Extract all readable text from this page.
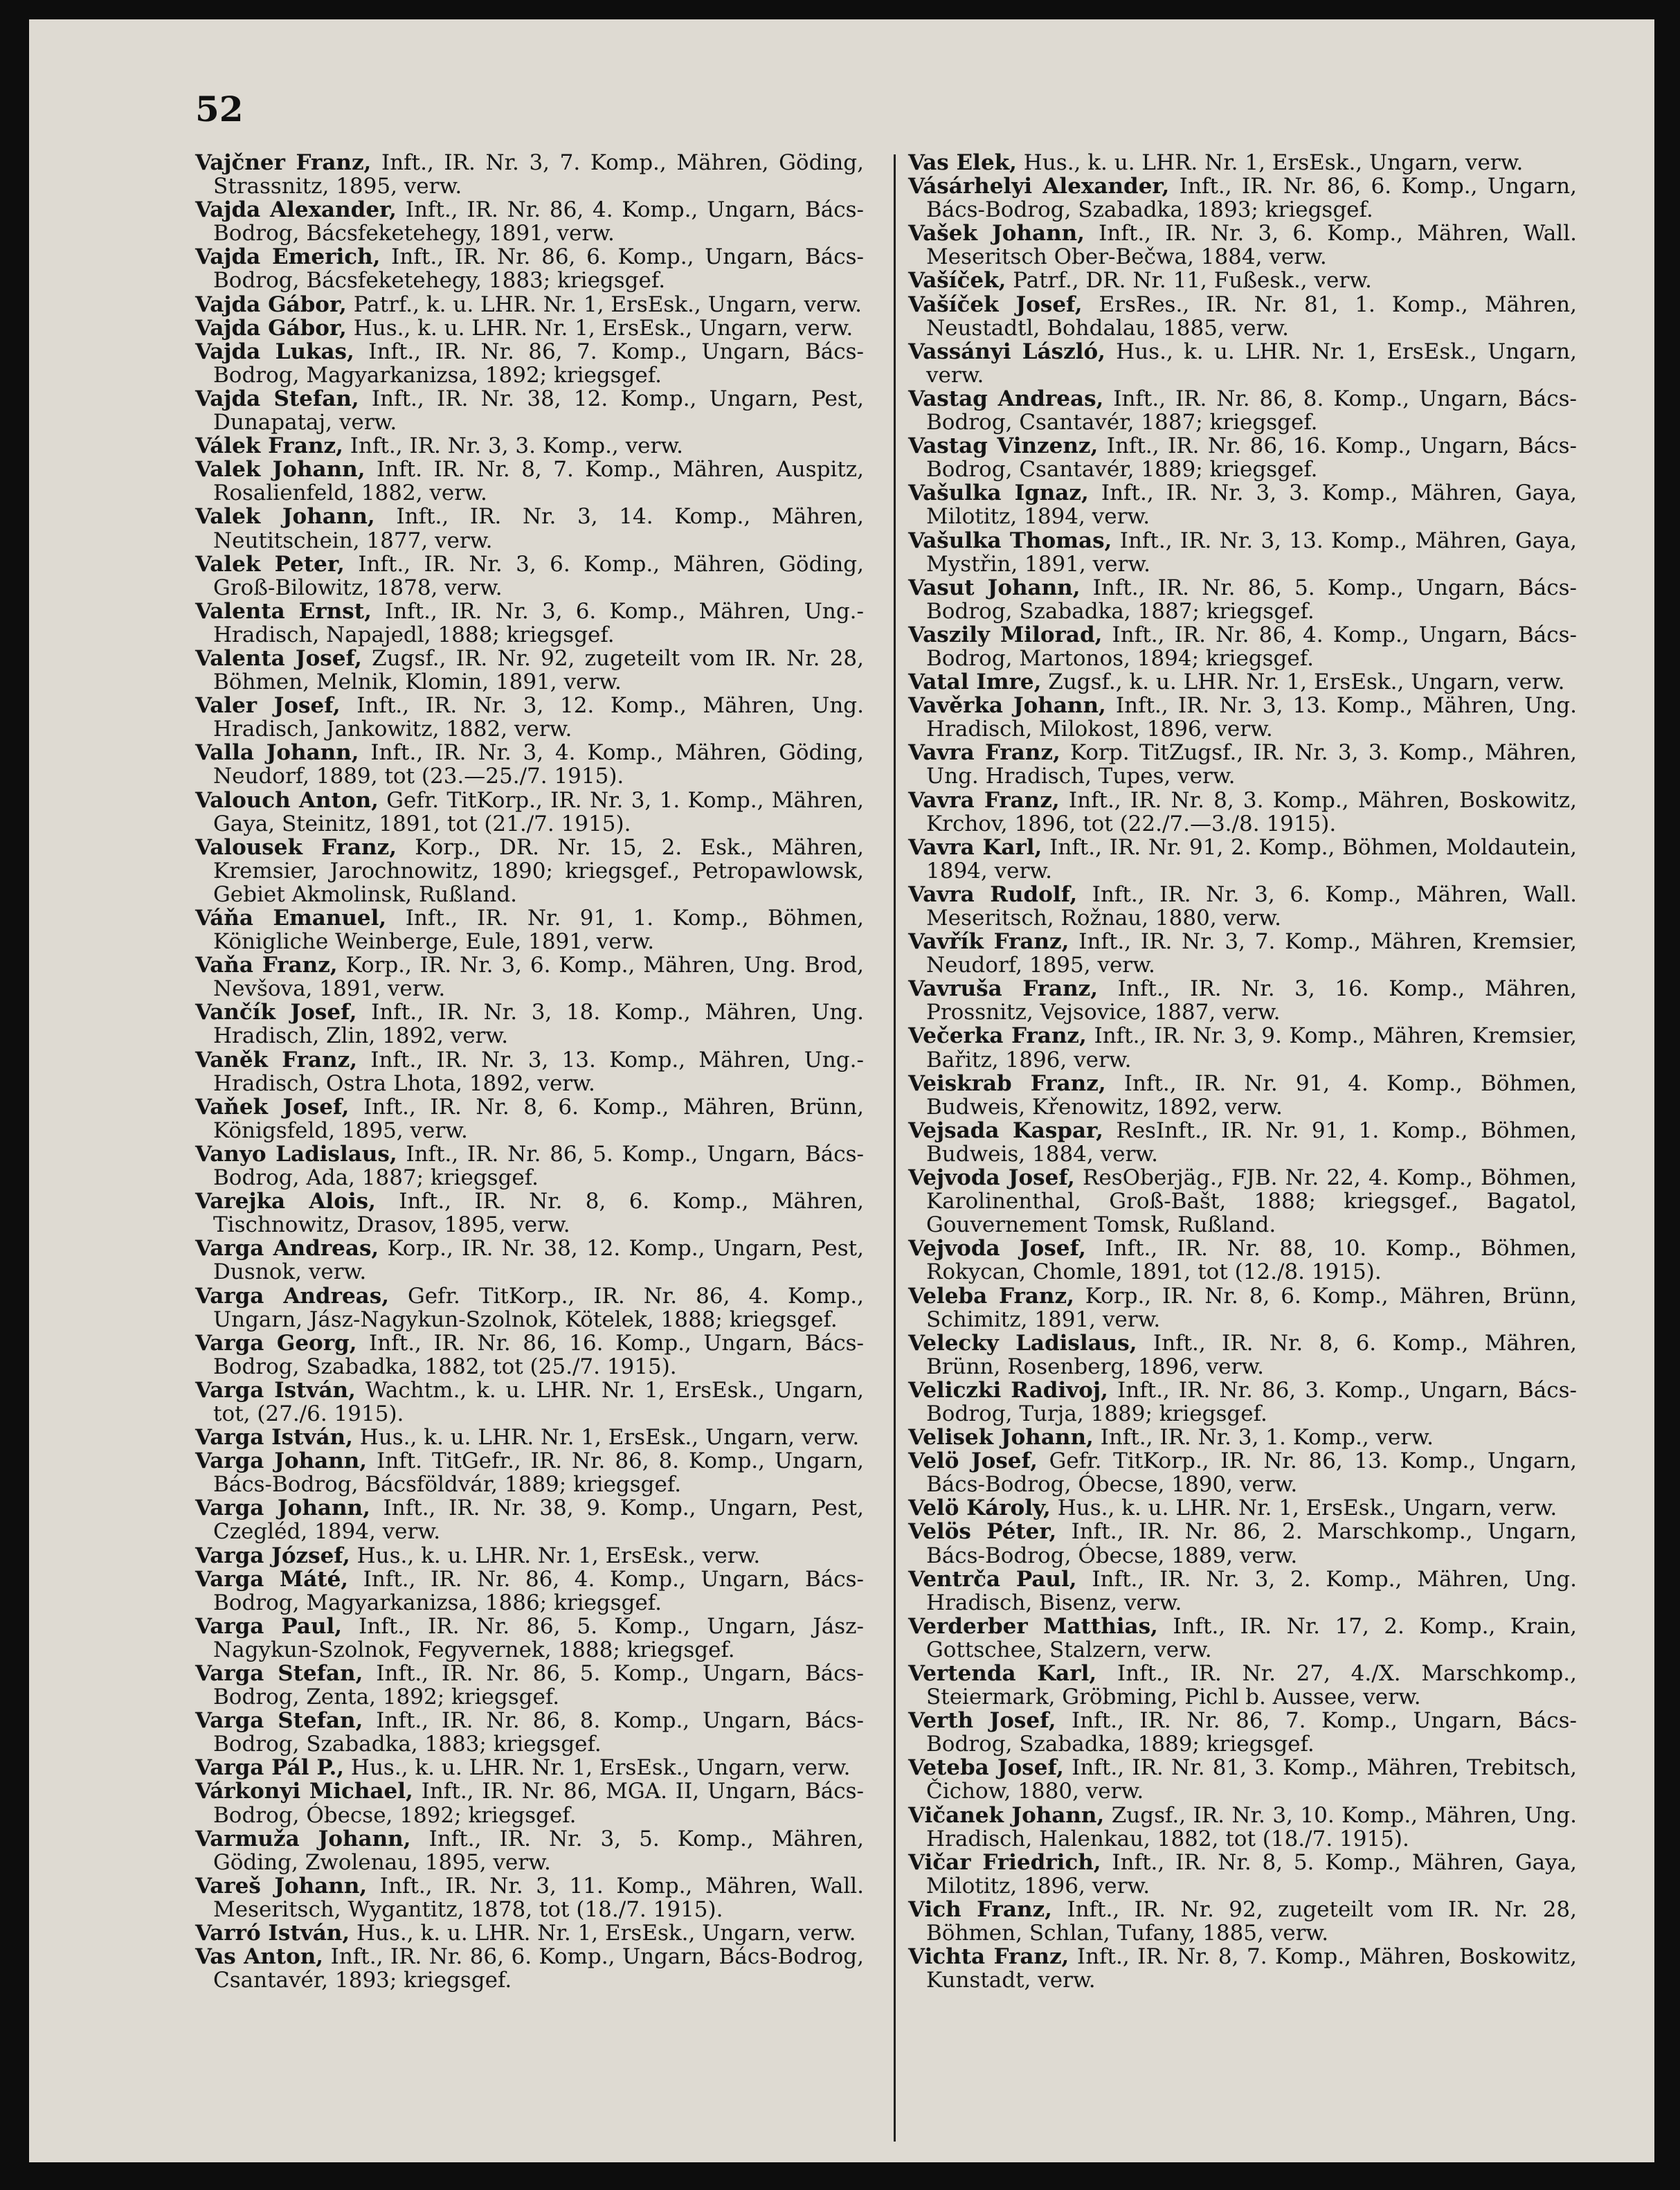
52

Vajčner Franz, Inft., IR. Nr. 3, 7. Komp., Mähren, Göding, Strassnitz, 1895, verw.

Vajda Alexander, Inft., IR. Nr. 86, 4. Komp., Ungarn, Bács-Bodrog, Bácsfeketehegy, 1891, verw.

Vajda Emerich, Inft., IR. Nr. 86, 6. Komp., Ungarn, Bács-Bodrog, Bácsfeketehegy, 1883; kriegsgef.

Vajda Gábor, Patrf., k. u. LHR. Nr. 1, ErsEsk., Ungarn, verw.

Vajda Gábor, Hus., k. u. LHR. Nr. 1, ErsEsk., Ungarn, verw.

Vajda Lukas, Inft., IR. Nr. 86, 7. Komp., Ungarn, Bács-Bodrog, Magyarkanizsa, 1892; kriegsgef.

Vajda Stefan, Inft., IR. Nr. 38, 12. Komp., Ungarn, Pest, Dunapataj, verw.

Válek Franz, Inft., IR. Nr. 3, 3. Komp., verw.

Valek Johann, Inft. IR. Nr. 8, 7. Komp., Mähren, Auspitz, Rosalienfeld, 1882, verw.

Valek Johann, Inft., IR. Nr. 3, 14. Komp., Mähren, Neutitschein, 1877, verw.

Valek Peter, Inft., IR. Nr. 3, 6. Komp., Mähren, Göding, Groß-Bilowitz, 1878, verw.

Valenta Ernst, Inft., IR. Nr. 3, 6. Komp., Mähren, Ung.-Hradisch, Napajedl, 1888; kriegsgef.

Valenta Josef, Zugsf., IR. Nr. 92, zugeteilt vom IR. Nr. 28, Böhmen, Melnik, Klomin, 1891, verw.

Valer Josef, Inft., IR. Nr. 3, 12. Komp., Mähren, Ung. Hradisch, Jankowitz, 1882, verw.

Valla Johann, Inft., IR. Nr. 3, 4. Komp., Mähren, Göding, Neudorf, 1889, tot (23.—25./7. 1915).

Valouch Anton, Gefr. TitKorp., IR. Nr. 3, 1. Komp., Mähren, Gaya, Steinitz, 1891, tot (21./7. 1915).

Valousek Franz, Korp., DR. Nr. 15, 2. Esk., Mähren, Kremsier, Jarochnowitz, 1890; kriegsgef., Petropawlowsk, Gebiet Akmolinsk, Rußland.

Váňa Emanuel, Inft., IR. Nr. 91, 1. Komp., Böhmen, Königliche Weinberge, Eule, 1891, verw.

Vaňa Franz, Korp., IR. Nr. 3, 6. Komp., Mähren, Ung. Brod, Nevšova, 1891, verw.

Vančík Josef, Inft., IR. Nr. 3, 18. Komp., Mähren, Ung. Hradisch, Zlin, 1892, verw.

Vaněk Franz, Inft., IR. Nr. 3, 13. Komp., Mähren, Ung.-Hradisch, Ostra Lhota, 1892, verw.

Vaňek Josef, Inft., IR. Nr. 8, 6. Komp., Mähren, Brünn, Königsfeld, 1895, verw.

Vanyo Ladislaus, Inft., IR. Nr. 86, 5. Komp., Ungarn, Bács-Bodrog, Ada, 1887; kriegsgef.

Varejka Alois, Inft., IR. Nr. 8, 6. Komp., Mähren, Tischnowitz, Drasov, 1895, verw.

Varga Andreas, Korp., IR. Nr. 38, 12. Komp., Ungarn, Pest, Dusnok, verw.

Varga Andreas, Gefr. TitKorp., IR. Nr. 86, 4. Komp., Ungarn, Jász-Nagykun-Szolnok, Kötelek, 1888; kriegsgef.

Varga Georg, Inft., IR. Nr. 86, 16. Komp., Ungarn, Bács-Bodrog, Szabadka, 1882, tot (25./7. 1915).

Varga István, Wachtm., k. u. LHR. Nr. 1, ErsEsk., Ungarn, tot, (27./6. 1915).

Varga István, Hus., k. u. LHR. Nr. 1, ErsEsk., Ungarn, verw.

Varga Johann, Inft. TitGefr., IR. Nr. 86, 8. Komp., Ungarn, Bács-Bodrog, Bácsföldvár, 1889; kriegsgef.

Varga Johann, Inft., IR. Nr. 38, 9. Komp., Ungarn, Pest, Czegléd, 1894, verw.

Varga József, Hus., k. u. LHR. Nr. 1, ErsEsk., verw.

Varga Máté, Inft., IR. Nr. 86, 4. Komp., Ungarn, Bács-Bodrog, Magyarkanizsa, 1886; kriegsgef.

Varga Paul, Inft., IR. Nr. 86, 5. Komp., Ungarn, Jász-Nagykun-Szolnok, Fegyvernek, 1888; kriegsgef.

Varga Stefan, Inft., IR. Nr. 86, 5. Komp., Ungarn, Bács-Bodrog, Zenta, 1892; kriegsgef.

Varga Stefan, Inft., IR. Nr. 86, 8. Komp., Ungarn, Bács-Bodrog, Szabadka, 1883; kriegsgef.

Varga Pál P., Hus., k. u. LHR. Nr. 1, ErsEsk., Ungarn, verw.

Várkonyi Michael, Inft., IR. Nr. 86, MGA. II, Ungarn, Bács-Bodrog, Óbecse, 1892; kriegsgef.

Varmuža Johann, Inft., IR. Nr. 3, 5. Komp., Mähren, Göding, Zwolenau, 1895, verw.

Vareš Johann, Inft., IR. Nr. 3, 11. Komp., Mähren, Wall. Meseritsch, Wygantitz, 1878, tot (18./7. 1915).

Varró István, Hus., k. u. LHR. Nr. 1, ErsEsk., Ungarn, verw.

Vas Anton, Inft., IR. Nr. 86, 6. Komp., Ungarn, Bács-Bodrog, Csantavér, 1893; kriegsgef.

Vas Elek, Hus., k. u. LHR. Nr. 1, ErsEsk., Ungarn, verw.

Vásárhelyi Alexander, Inft., IR. Nr. 86, 6. Komp., Ungarn, Bács-Bodrog, Szabadka, 1893; kriegsgef.

Vašek Johann, Inft., IR. Nr. 3, 6. Komp., Mähren, Wall. Meseritsch Ober-Bečwa, 1884, verw.

Vašíček, Patrf., DR. Nr. 11, Fußesk., verw.

Vašíček Josef, ErsRes., IR. Nr. 81, 1. Komp., Mähren, Neustadtl, Bohdalau, 1885, verw.

Vassányi László, Hus., k. u. LHR. Nr. 1, ErsEsk., Ungarn, verw.

Vastag Andreas, Inft., IR. Nr. 86, 8. Komp., Ungarn, Bács-Bodrog, Csantavér, 1887; kriegsgef.

Vastag Vinzenz, Inft., IR. Nr. 86, 16. Komp., Ungarn, Bács-Bodrog, Csantavér, 1889; kriegsgef.

Vašulka Ignaz, Inft., IR. Nr. 3, 3. Komp., Mähren, Gaya, Milotitz, 1894, verw.

Vašulka Thomas, Inft., IR. Nr. 3, 13. Komp., Mähren, Gaya, Mystřin, 1891, verw.

Vasut Johann, Inft., IR. Nr. 86, 5. Komp., Ungarn, Bács-Bodrog, Szabadka, 1887; kriegsgef.

Vaszily Milorad, Inft., IR. Nr. 86, 4. Komp., Ungarn, Bács-Bodrog, Martonos, 1894; kriegsgef.

Vatal Imre, Zugsf., k. u. LHR. Nr. 1, ErsEsk., Ungarn, verw.

Vavěrka Johann, Inft., IR. Nr. 3, 13. Komp., Mähren, Ung. Hradisch, Milokost, 1896, verw.

Vavra Franz, Korp. TitZugsf., IR. Nr. 3, 3. Komp., Mähren, Ung. Hradisch, Tupes, verw.

Vavra Franz, Inft., IR. Nr. 8, 3. Komp., Mähren, Boskowitz, Krchov, 1896, tot (22./7.—3./8. 1915).

Vavra Karl, Inft., IR. Nr. 91, 2. Komp., Böhmen, Moldautein, 1894, verw.

Vavra Rudolf, Inft., IR. Nr. 3, 6. Komp., Mähren, Wall. Meseritsch, Rožnau, 1880, verw.

Vavřík Franz, Inft., IR. Nr. 3, 7. Komp., Mähren, Kremsier, Neudorf, 1895, verw.

Vavruša Franz, Inft., IR. Nr. 3, 16. Komp., Mähren, Prossnitz, Vejsovice, 1887, verw.

Večerka Franz, Inft., IR. Nr. 3, 9. Komp., Mähren, Kremsier, Bařitz, 1896, verw.

Veiskrab Franz, Inft., IR. Nr. 91, 4. Komp., Böhmen, Budweis, Křenowitz, 1892, verw.

Vejsada Kaspar, ResInft., IR. Nr. 91, 1. Komp., Böhmen, Budweis, 1884, verw.

Vejvoda Josef, ResOberjäg., FJB. Nr. 22, 4. Komp., Böhmen, Karolinenthal, Groß-Bašt, 1888; kriegsgef., Bagatol, Gouvernement Tomsk, Rußland.

Vejvoda Josef, Inft., IR. Nr. 88, 10. Komp., Böhmen, Rokycan, Chomle, 1891, tot (12./8. 1915).

Veleba Franz, Korp., IR. Nr. 8, 6. Komp., Mähren, Brünn, Schimitz, 1891, verw.

Velecky Ladislaus, Inft., IR. Nr. 8, 6. Komp., Mähren, Brünn, Rosenberg, 1896, verw.

Veliczki Radivoj, Inft., IR. Nr. 86, 3. Komp., Ungarn, Bács-Bodrog, Turja, 1889; kriegsgef.

Velisek Johann, Inft., IR. Nr. 3, 1. Komp., verw.

Velö Josef, Gefr. TitKorp., IR. Nr. 86, 13. Komp., Ungarn, Bács-Bodrog, Óbecse, 1890, verw.

Velö Károly, Hus., k. u. LHR. Nr. 1, ErsEsk., Ungarn, verw.

Velös Péter, Inft., IR. Nr. 86, 2. Marschkomp., Ungarn, Bács-Bodrog, Óbecse, 1889, verw.

Ventrča Paul, Inft., IR. Nr. 3, 2. Komp., Mähren, Ung. Hradisch, Bisenz, verw.

Verderber Matthias, Inft., IR. Nr. 17, 2. Komp., Krain, Gottschee, Stalzern, verw.

Vertenda Karl, Inft., IR. Nr. 27, 4./X. Marschkomp., Steiermark, Gröbming, Pichl b. Aussee, verw.

Verth Josef, Inft., IR. Nr. 86, 7. Komp., Ungarn, Bács-Bodrog, Szabadka, 1889; kriegsgef.

Veteba Josef, Inft., IR. Nr. 81, 3. Komp., Mähren, Trebitsch, Čichow, 1880, verw.

Vičanek Johann, Zugsf., IR. Nr. 3, 10. Komp., Mähren, Ung. Hradisch, Halenkau, 1882, tot (18./7. 1915).

Vičar Friedrich, Inft., IR. Nr. 8, 5. Komp., Mähren, Gaya, Milotitz, 1896, verw.

Vich Franz, Inft., IR. Nr. 92, zugeteilt vom IR. Nr. 28, Böhmen, Schlan, Tufany, 1885, verw.

Vichta Franz, Inft., IR. Nr. 8, 7. Komp., Mähren, Boskowitz, Kunstadt, verw.
